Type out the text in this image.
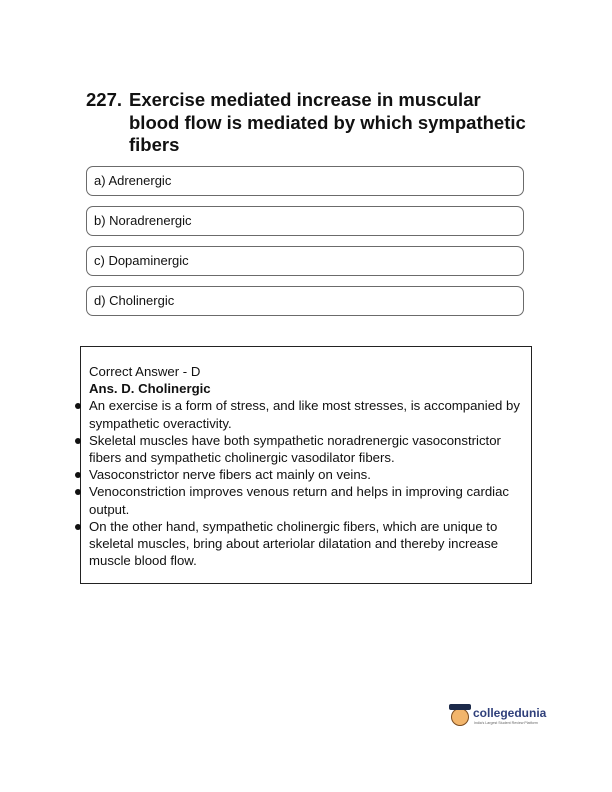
227. Exercise mediated increase in muscular blood flow is mediated by which sympathetic fibers
a) Adrenergic
b) Noradrenergic
c) Dopaminergic
d) Cholinergic
Correct Answer - D
Ans. D. Cholinergic
An exercise is a form of stress, and like most stresses, is accompanied by sympathetic overactivity.
Skeletal muscles have both sympathetic noradrenergic vasoconstrictor fibers and sympathetic cholinergic vasodilator fibers.
Vasoconstrictor nerve fibers act mainly on veins.
Venoconstriction improves venous return and helps in improving cardiac output.
On the other hand, sympathetic cholinergic fibers, which are unique to skeletal muscles, bring about arteriolar dilatation and thereby increase muscle blood flow.
collegedunia
India's Largest Student Review Platform
